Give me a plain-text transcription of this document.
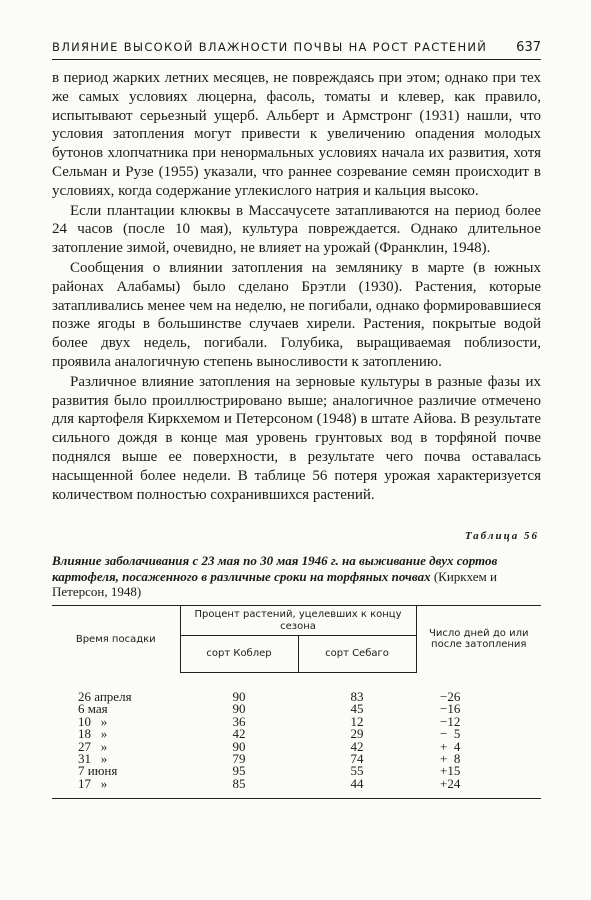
ВЛИЯНИЕ ВЫСОКОЙ ВЛАЖНОСТИ ПОЧВЫ НА РОСТ РАСТЕНИЙ 637

в период жарких летних месяцев, не повреждаясь при этом; однако при тех же самых условиях люцерна, фасоль, томаты и клевер, как правило, испытывают серьезный ущерб. Альберт и Армстронг (1931) нашли, что условия затопления могут привести к увеличению опадения молодых бутонов хлопчатника при ненормальных условиях начала их развития, хотя Сельман и Рузе (1955) указали, что раннее созревание семян происходит в условиях, когда содержание углекислого натрия и кальция высоко.

Если плантации клюквы в Массачусете затапливаются на период более 24 часов (после 10 мая), культура повреждается. Однако длительное затопление зимой, очевидно, не влияет на урожай (Франклин, 1948).

Сообщения о влиянии затопления на землянику в марте (в южных районах Алабамы) было сделано Брэтли (1930). Растения, которые затапливались менее чем на неделю, не погибали, однако формировавшиеся позже ягоды в большинстве случаев хирели. Растения, покрытые водой более двух недель, погибали. Голубика, выращиваемая поблизости, проявила аналогичную степень выносливости к затоплению.

Различное влияние затопления на зерновые культуры в разные фазы их развития было проиллюстрировано выше; аналогичное различие отмечено для картофеля Киркхемом и Петерсоном (1948) в штате Айова. В результате сильного дождя в конце мая уровень грунтовых вод в торфяной почве поднялся выше ее поверхности, в результате чего почва оставалась насыщенной более недели. В таблице 56 потеря урожая характеризуется количеством полностью сохранившихся растений.

Таблица 56
Влияние заболачивания с 23 мая по 30 мая 1946 г. на выживание двух сортов картофеля, посаженного в различные сроки на торфяных почвах (Киркхем и Петерсон, 1948)
Время посадки	Процент растений, уцелевших к концу сезона		Число дней до или после затопления
	сорт Коблер	сорт Себаго	
26 апреля	90	83	−26
6 мая	90	45	−16
10   »	36	12	−12
18   »	42	29	−  5
27   »	90	42	+  4
31   »	79	74	+  8
7 июня	95	55	+15
17   »	85	44	+24
